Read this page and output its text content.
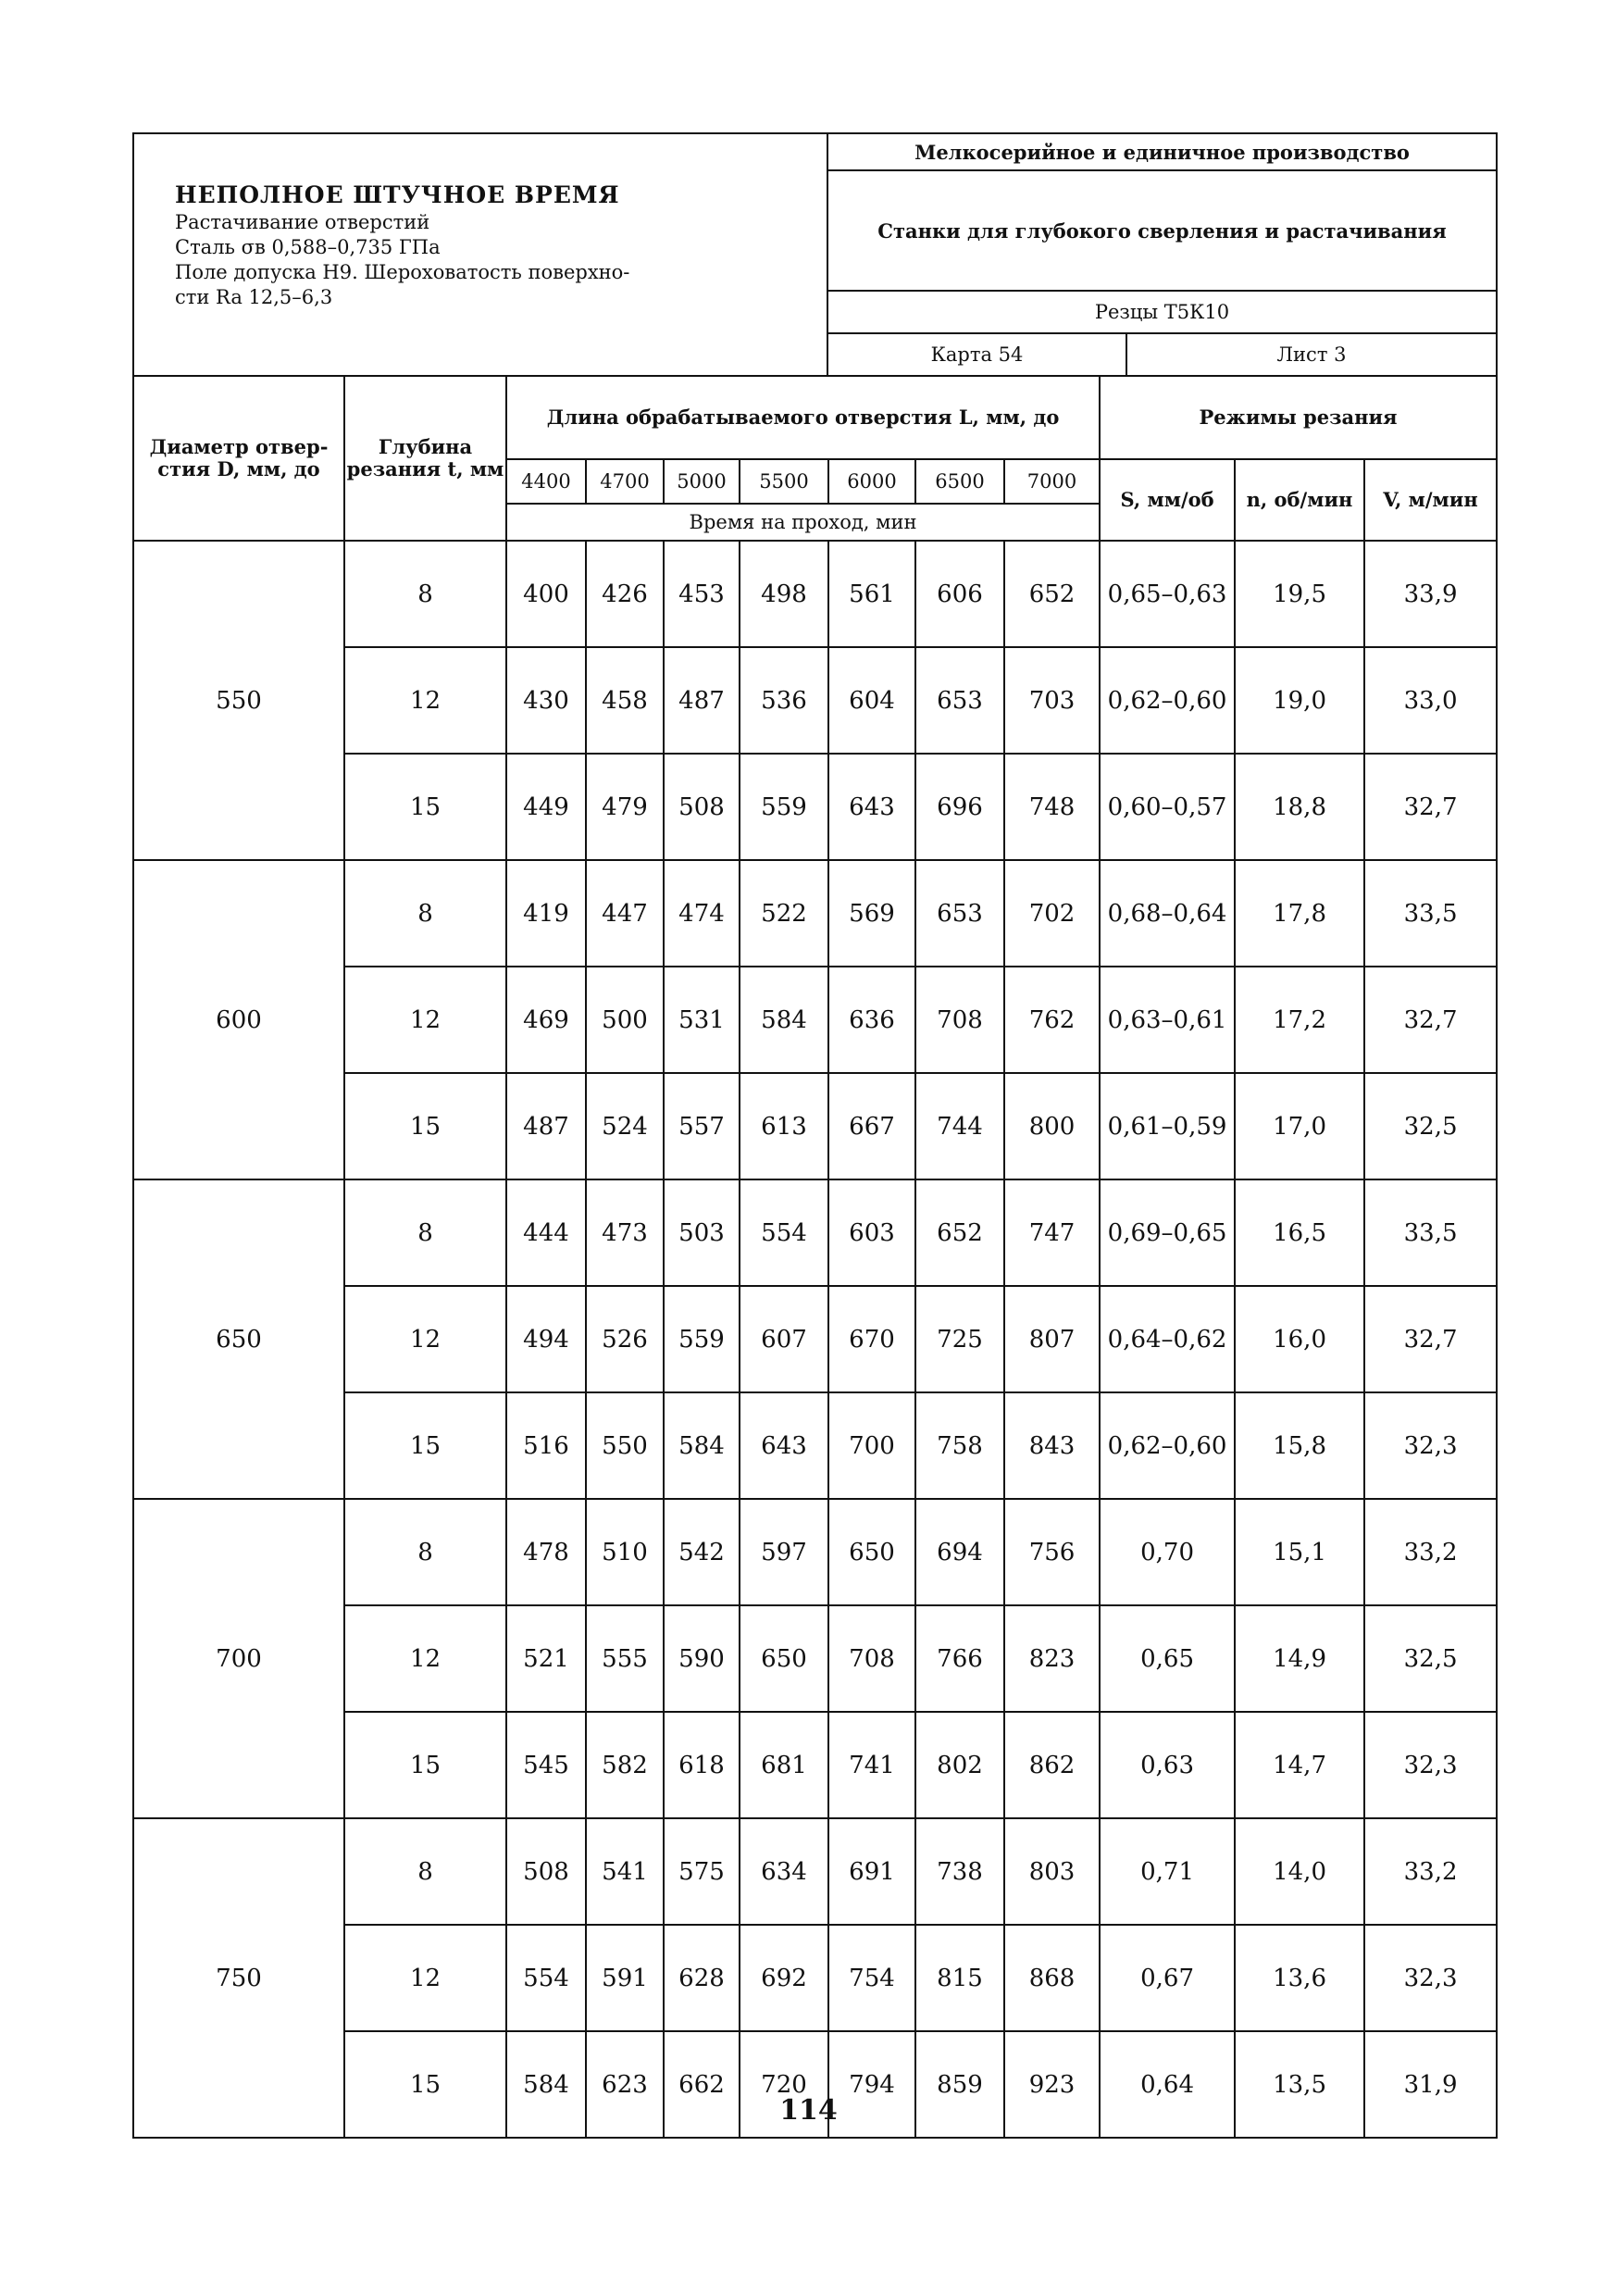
НЕПОЛНОЕ ШТУЧНОЕ ВРЕМЯ
Растачивание отверстий
Сталь σв 0,588–0,735 ГПа
Поле допуска Н9. Шероховатость поверхно-
сти Ra 12,5–6,3	Мелкосерийное и единичное производство	
	Станки для глубокого сверления и растачивания	
	Резцы Т5К10	
	Карта 54	Лист 3
Диаметр отвер-стия D, мм, до	Глубина резания t, мм	Длина обрабатываемого отверстия L, мм, до							Режимы резания		
		4400	4700	5000	5500	6000	6500	7000	S, мм/об	n, об/мин	V, м/мин
		Время на проход, мин									
550	8	400	426	453	498	561	606	652	0,65–0,63	19,5	33,9
	12	430	458	487	536	604	653	703	0,62–0,60	19,0	33,0
	15	449	479	508	559	643	696	748	0,60–0,57	18,8	32,7
600	8	419	447	474	522	569	653	702	0,68–0,64	17,8	33,5
	12	469	500	531	584	636	708	762	0,63–0,61	17,2	32,7
	15	487	524	557	613	667	744	800	0,61–0,59	17,0	32,5
650	8	444	473	503	554	603	652	747	0,69–0,65	16,5	33,5
	12	494	526	559	607	670	725	807	0,64–0,62	16,0	32,7
	15	516	550	584	643	700	758	843	0,62–0,60	15,8	32,3
700	8	478	510	542	597	650	694	756	0,70	15,1	33,2
	12	521	555	590	650	708	766	823	0,65	14,9	32,5
	15	545	582	618	681	741	802	862	0,63	14,7	32,3
750	8	508	541	575	634	691	738	803	0,71	14,0	33,2
	12	554	591	628	692	754	815	868	0,67	13,6	32,3
	15	584	623	662	720	794	859	923	0,64	13,5	31,9
114
